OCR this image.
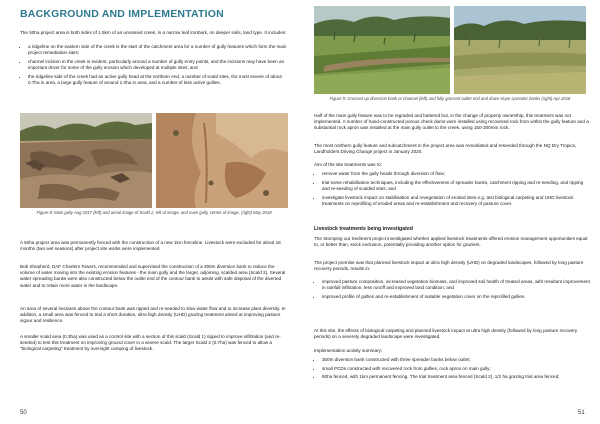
BACKGROUND AND IMPLEMENTATION

The 50ha project area is both sides of 1.5km of an unnamed creek, in a narrow leaf ironbark, on deeper soils, land type. It includes:

• a ridgeline on the eastern side of the creek is the start of the catchment area for a number of gully features which form the main project remediation sites;
• channel incision in the creek is evident, particularly around a number of gully entry points, and the incisions may have been an important driver for some of the gully erosion which developed at multiple sites; and
• the ridgeline side of the creek had an active gully head at the northern end, a number of scald sites, the most severe of about 0.7ha in area, a large gully feature of around 1.0ha in area, and a number of less active gullies.
Figure 8: Main gully Aug 2017 (left) and aerial image of Scald 2, left of image, and main gully, centre of image, (right) May 2018

A 50ha project area was permanently fenced with the construction of a new 1km fenceline. Livestock were excluded for about 18 months (two wet seasons) after project site works were implemented.

Bob Shepherd, DAF Charters Towers, recommended and supervised the construction of a 300m diversion bank to reduce the volume of water moving into the existing erosion features - the main gully and the larger, adjoining, scalded area (Scald 2). Several water spreading banks were also constructed below the outlet end of the contour bank to assist with safe disposal of the diverted water and to retain more water in the landscape.

An area of several hectares above the contour bank was ripped and re-seeded to slow water flow and to increase plant diversity. In addition, a small area was fenced to trial a short duration, ultra high density (UHD) grazing treatment aimed at improving pasture vigour and resilience.

A smaller scald area (0.3ha) was used as a control site with a section of this scald (Scald 1) ripped to improve infiltration (and re-seeded) to test this treatment on improving ground cover in a severe scald. The larger Scald 2 (0.7ha) was fenced to allow a "biological carpeting" treatment by overnight camping of livestock.

50
Figure 9: Grassed up diversion bank or channel (left) and fully grassed outlet end and down slope spreader banks (right) Apr 2018

Half of the main gully feature was to be regraded and battered but, in the change of property ownership, this treatment was not implemented. A number of hand-constructed porous check dams were installed using recovered rock from within the gully feature and a substantial rock apron was installed at the main gully outlet to the creek, using 150-300mm rock.

The most northern gully feature and subcatchment in the project area was remediated and reseeded through the NQ Dry Tropics, Landholders Driving Change project in January 2020.

Aim of the site treatments was to:

• remove water from the gully heads through diversion of flow;
• trial some rehabilitation techniques, including the effectiveness of spreader banks, catchment ripping and re-seeding, and ripping and re-seeding of scalded sites; and
• investigate livestock impact on stabilisation and revegetation of eroded sites e.g. test biological carpeting and UHD livestock treatments on reprofiling of eroded areas and re-establishment and recovery of pasture cover.
Livestock treatments being investigated

The Stomping out Sediment project investigated whether applied livestock treatments offered erosion management opportunities equal to, or better than, stock exclusion, potentially providing another option for graziers.

The project premise was that planned livestock impact at ultra high density (UHD) on degraded landscapes, followed by long pasture recovery periods, results in:

• improved pasture composition, increased vegetation biomass, and improved soil health of treated areas, with resultant improvement in rainfall infiltration, less runoff and improved land condition; and
• improved profile of gullies and re-establishment of suitable vegetation cover on the reprofiled gullies.

At this site, the effects of biological carpeting and planned livestock impact at ultra high density (followed by long pasture recovery periods) on a severely degraded landscape were investigated.

Implementation activity summary:

• 300m diversion bank constructed with three spreader banks below outlet;
• small PCDs constructed with recovered rock from gullies, rock apron on main gully;
• 50ha fenced, with 1km permanent fencing. The trial treatment area fenced (Scald 2), 1/2 ha grazing trial area fenced;
51
